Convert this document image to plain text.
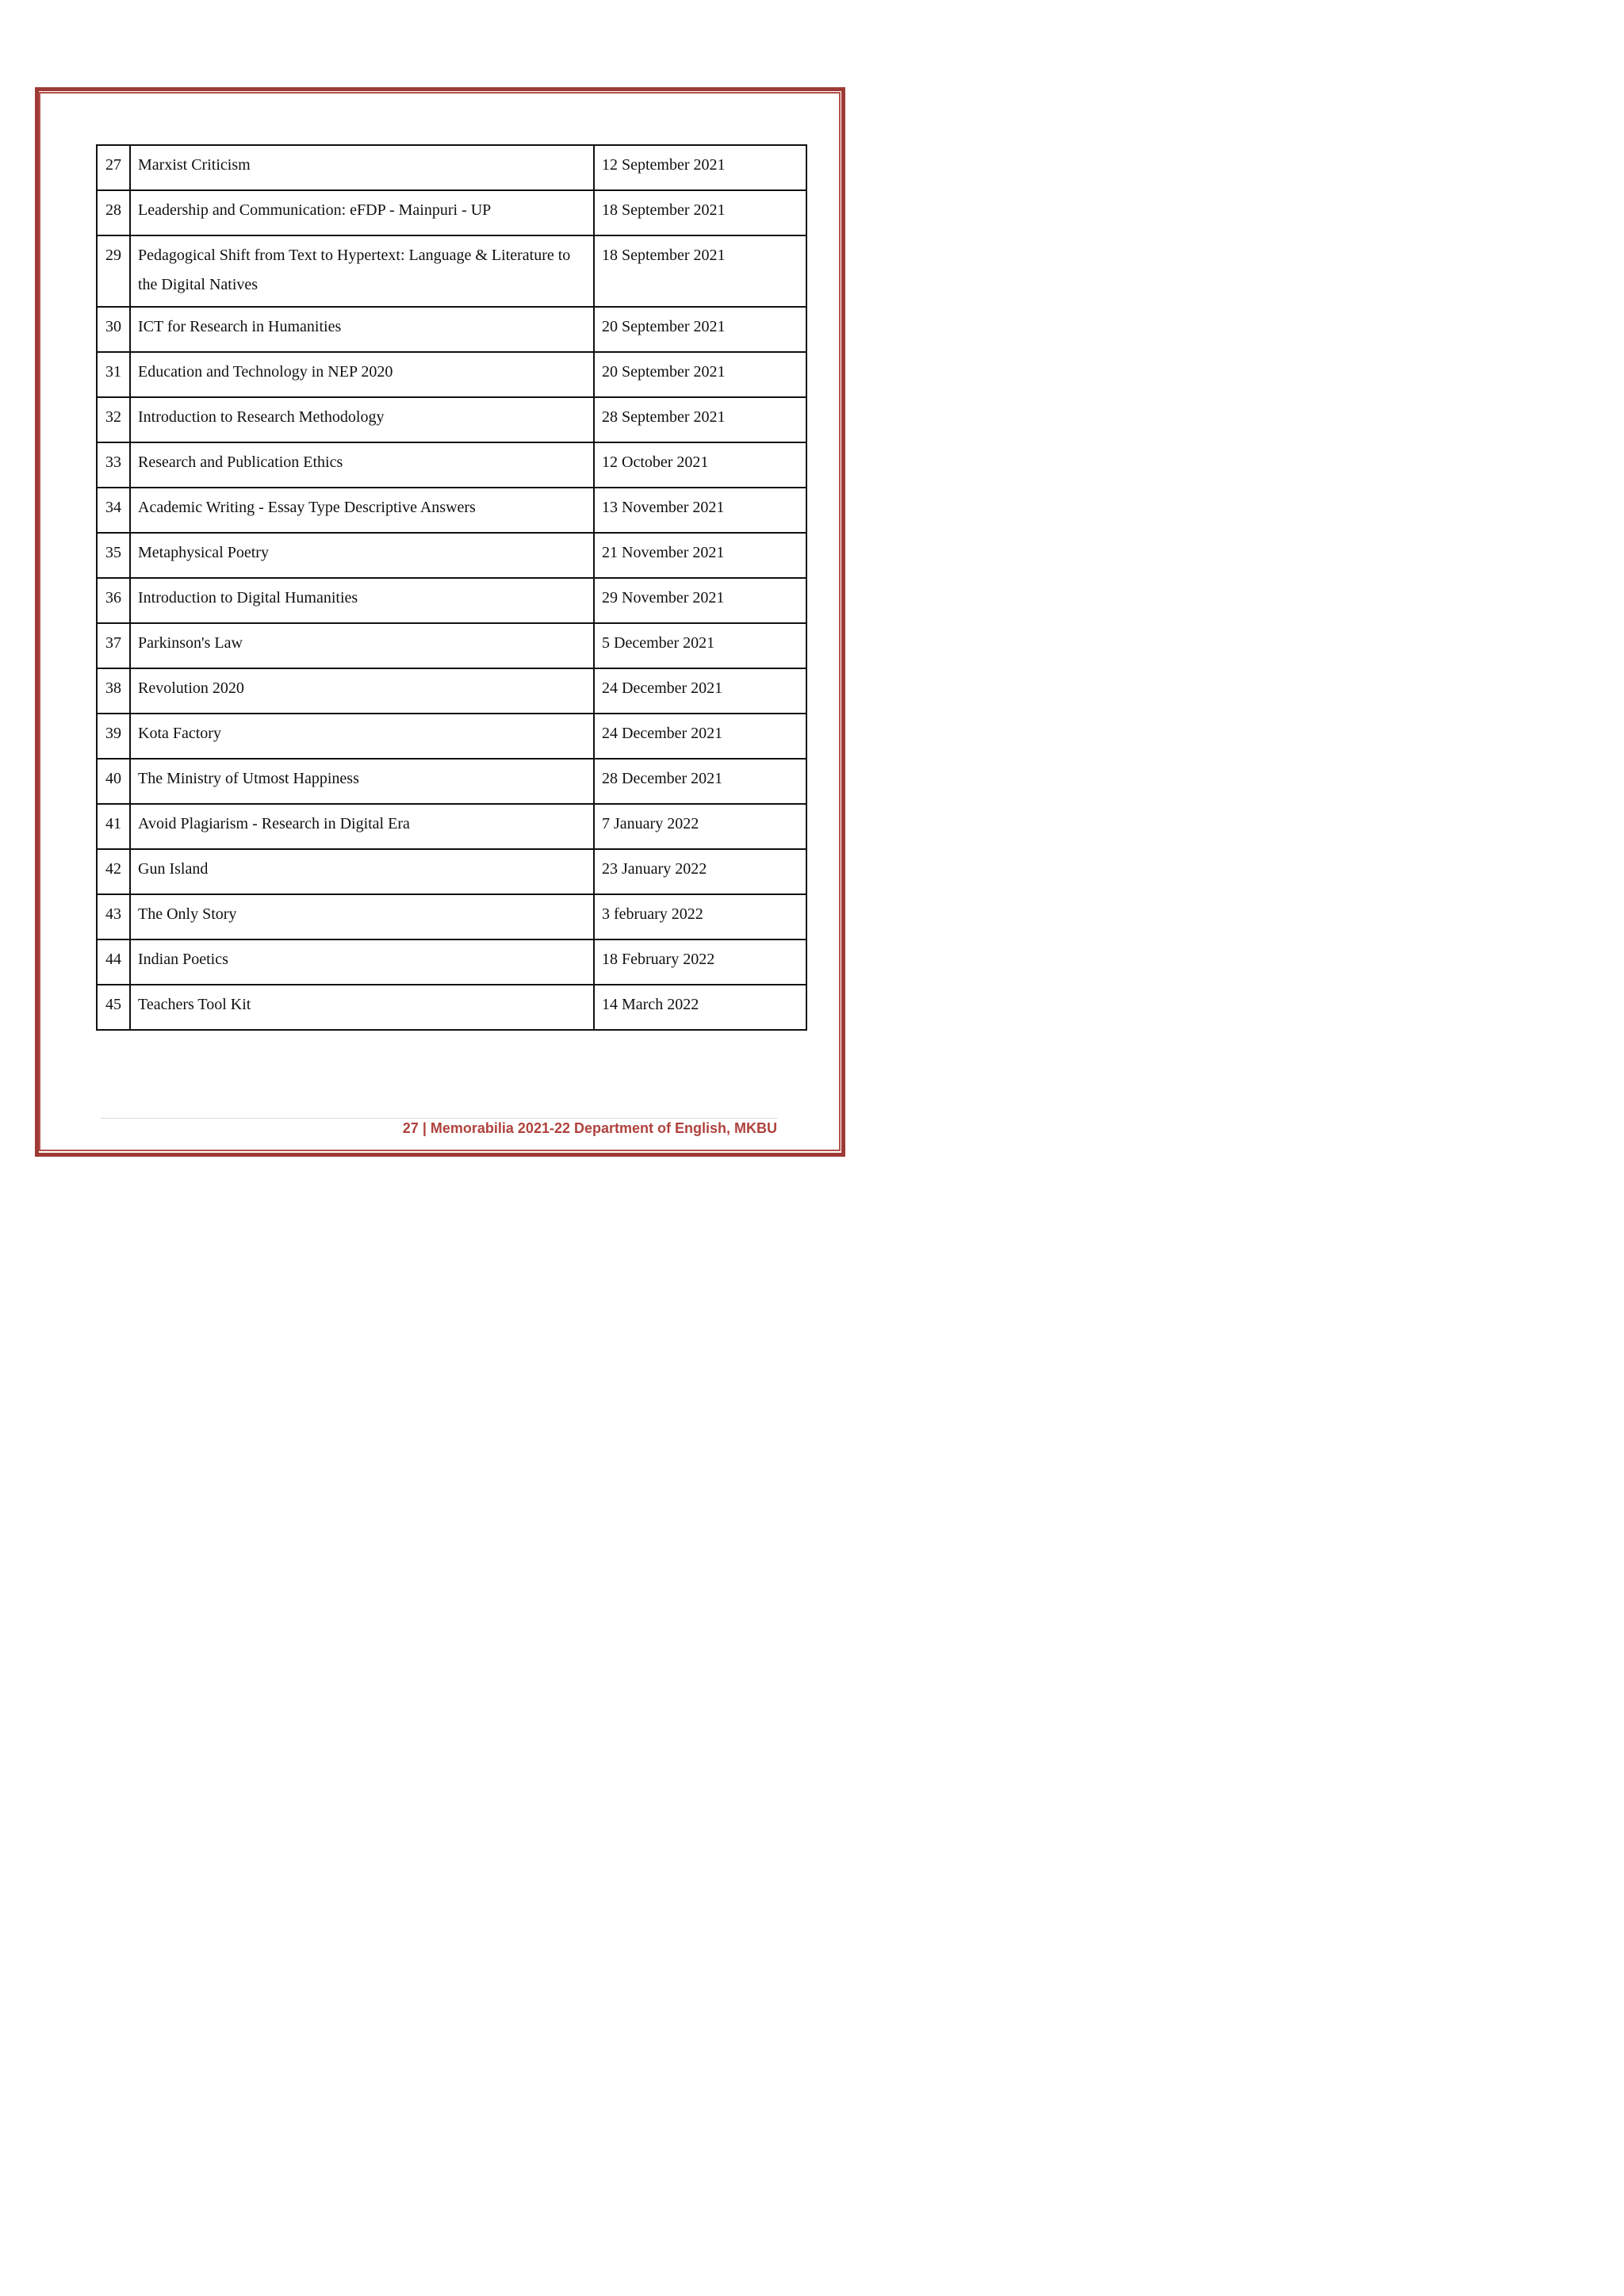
27	Marxist Criticism	12 September 2021
28	Leadership and Communication: eFDP - Mainpuri - UP	18 September 2021
29	Pedagogical Shift from Text to Hypertext: Language & Literature to the Digital Natives	18 September 2021
30	ICT for Research in Humanities	20 September 2021
31	Education and Technology in NEP 2020	20 September 2021
32	Introduction to Research Methodology	28 September 2021
33	Research and Publication Ethics	12 October 2021
34	Academic Writing - Essay Type Descriptive Answers	13 November 2021
35	Metaphysical Poetry	21 November 2021
36	Introduction to Digital Humanities	29 November 2021
37	Parkinson's Law	5 December 2021
38	Revolution 2020	24 December 2021
39	Kota Factory	24 December 2021
40	The Ministry of Utmost Happiness	28 December 2021
41	Avoid Plagiarism - Research in Digital Era	7 January 2022
42	Gun Island	23 January 2022
43	The Only Story	3 february 2022
44	Indian Poetics	18 February 2022
45	Teachers Tool Kit	14 March 2022
27 | Memorabilia 2021-22 Department of English, MKBU
